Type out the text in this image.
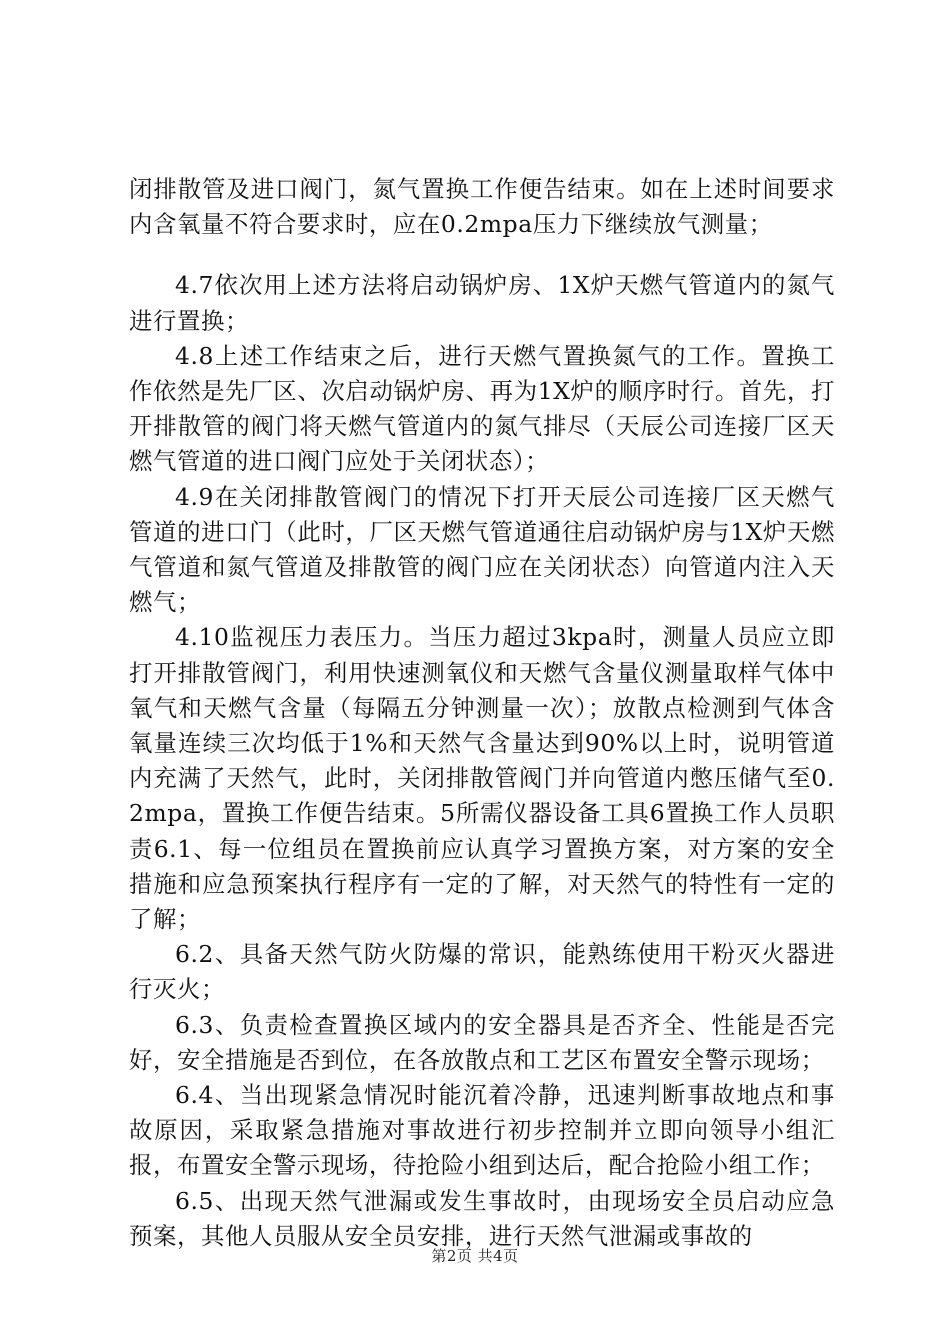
闭排散管及进口阀门，氮气置换工作便告结束。如在上述时间要求内含氧量不符合要求时，应在0.2mpa压力下继续放气测量；

4.7依次用上述方法将启动锅炉房、1X炉天燃气管道内的氮气进行置换；

4.8上述工作结束之后，进行天燃气置换氮气的工作。置换工作依然是先厂区、次启动锅炉房、再为1X炉的顺序时行。首先，打开排散管的阀门将天燃气管道内的氮气排尽（天辰公司连接厂区天燃气管道的进口阀门应处于关闭状态）；

4.9在关闭排散管阀门的情况下打开天辰公司连接厂区天燃气管道的进口门（此时，厂区天燃气管道通往启动锅炉房与1X炉天燃气管道和氮气管道及排散管的阀门应在关闭状态）向管道内注入天燃气；

4.10监视压力表压力。当压力超过3kpa时，测量人员应立即打开排散管阀门，利用快速测氧仪和天燃气含量仪测量取样气体中氧气和天燃气含量（每隔五分钟测量一次）；放散点检测到气体含氧量连续三次均低于1%和天然气含量达到90%以上时，说明管道内充满了天然气，此时，关闭排散管阀门并向管道内憋压储气至0.2mpa，置换工作便告结束。5所需仪器设备工具6置换工作人员职责6.1、每一位组员在置换前应认真学习置换方案，对方案的安全措施和应急预案执行程序有一定的了解，对天然气的特性有一定的了解；

6.2、具备天然气防火防爆的常识，能熟练使用干粉灭火器进行灭火；

6.3、负责检查置换区域内的安全器具是否齐全、性能是否完好，安全措施是否到位，在各放散点和工艺区布置安全警示现场；

6.4、当出现紧急情况时能沉着冷静，迅速判断事故地点和事故原因，采取紧急措施对事故进行初步控制并立即向领导小组汇报，布置安全警示现场，待抢险小组到达后，配合抢险小组工作；

6.5、出现天然气泄漏或发生事故时，由现场安全员启动应急预案，其他人员服从安全员安排，进行天然气泄漏或事故的

第2页 共4页
